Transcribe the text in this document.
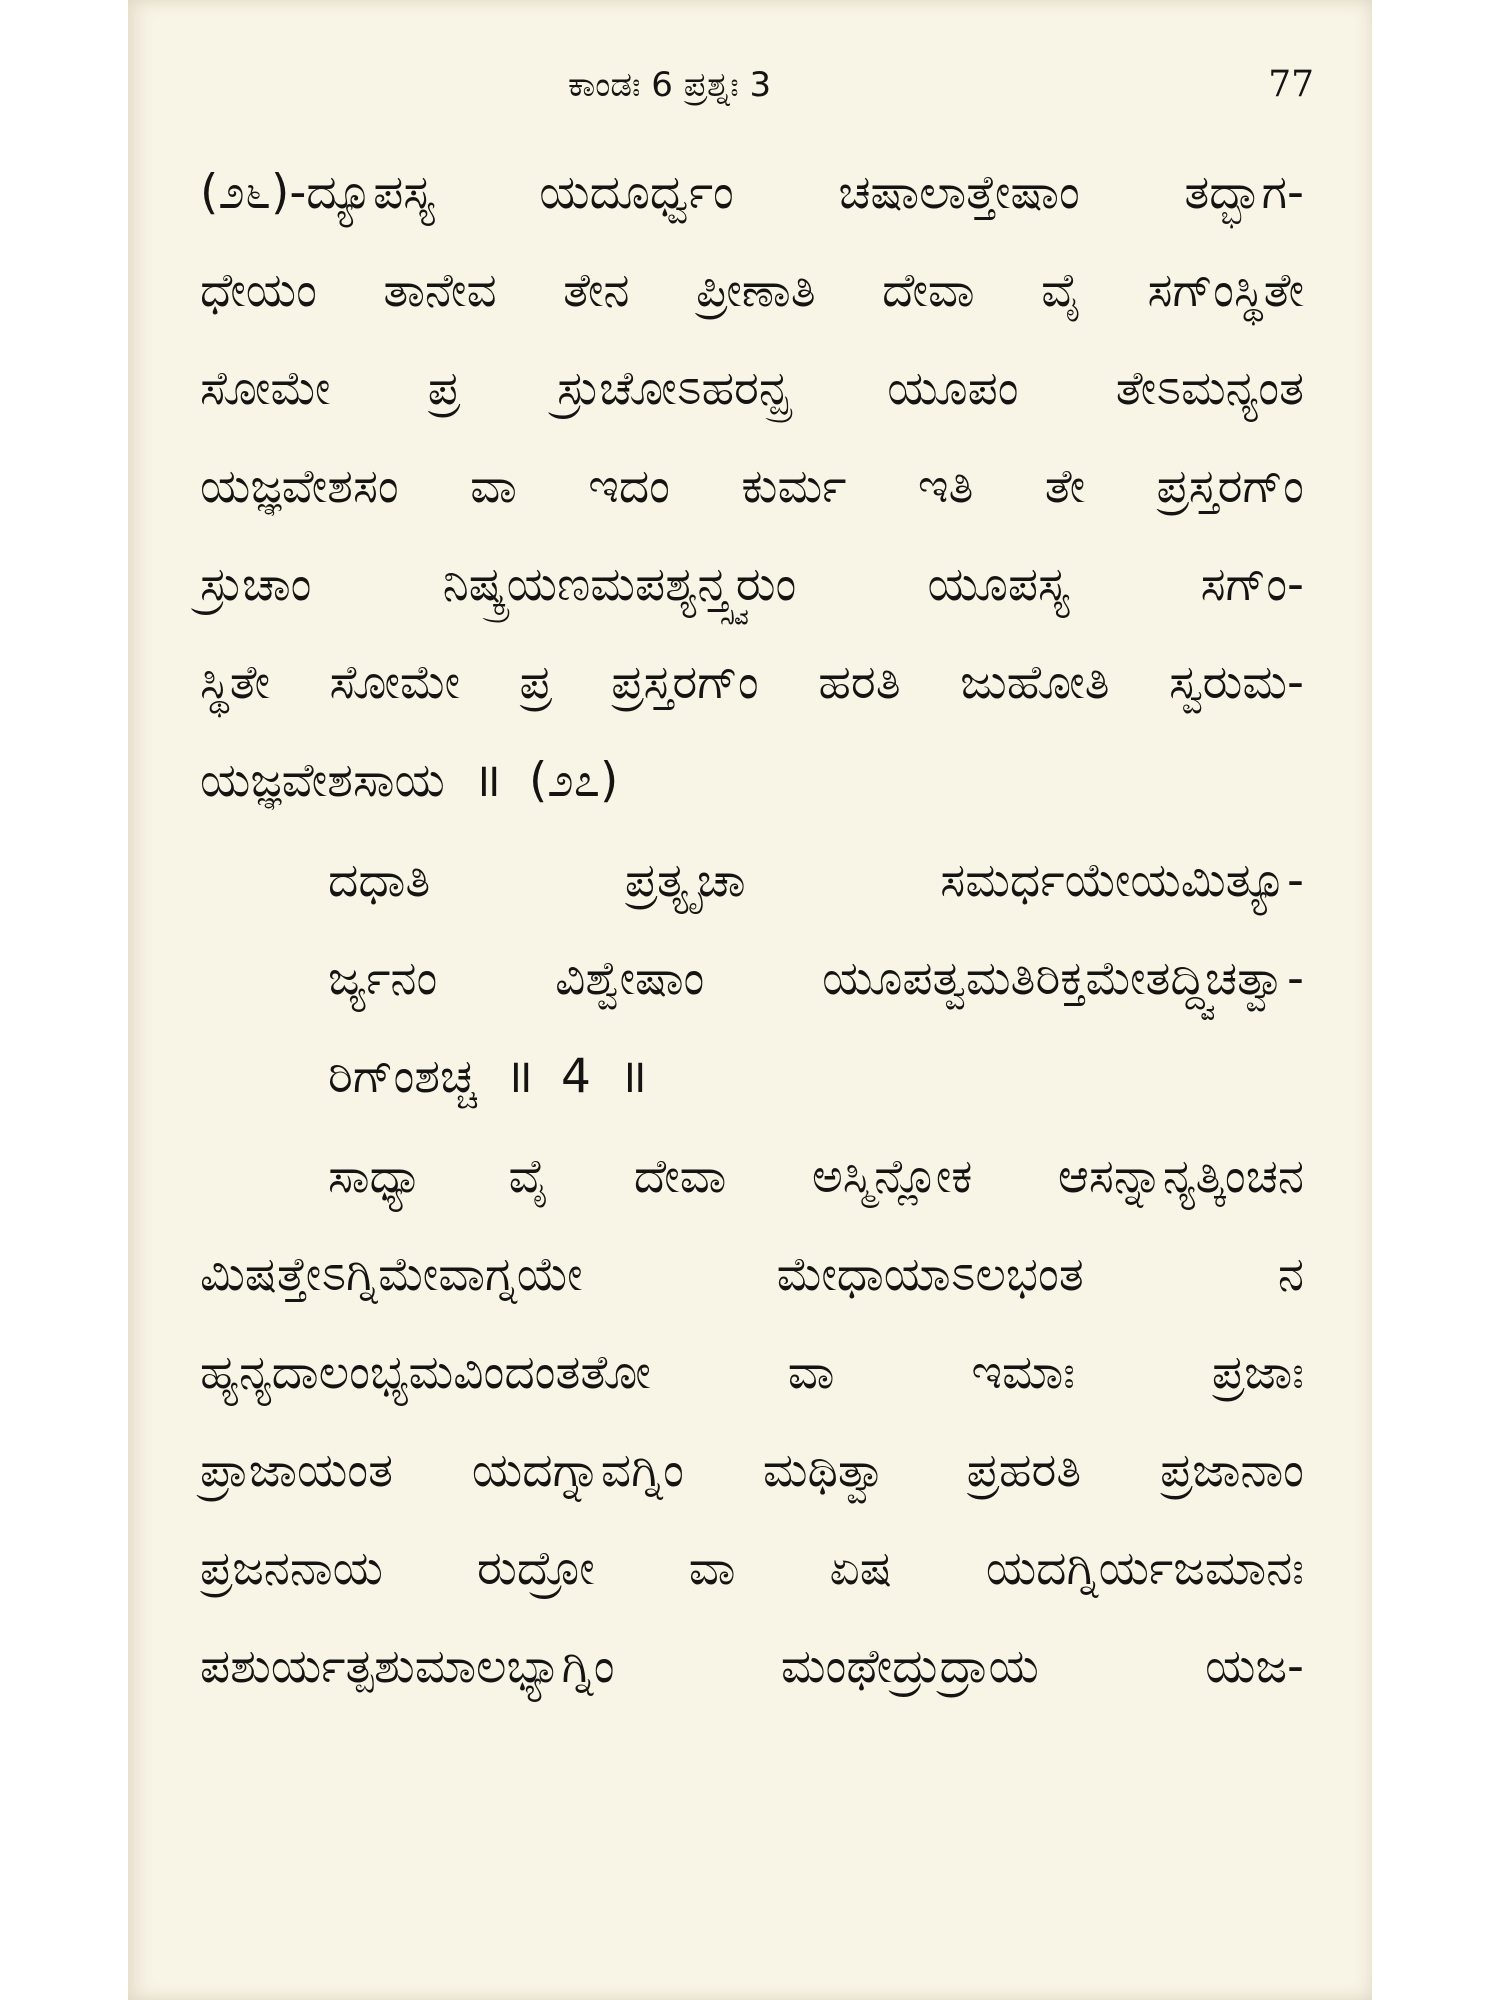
ಕಾಂಡಃ 6 ಪ್ರಶ್ನಃ 3	77
(೨೬)-ದ್ಯೂಪಸ್ಯ ಯದೂರ್ಧ್ವಂ ಚಷಾಲಾತ್ತೇಷಾಂ ತದ್ಭಾಗ-
ಧೇಯಂ ತಾನೇವ ತೇನ ಪ್ರೀಣಾತಿ ದೇವಾ ವೈ ಸಗ್ಂಸ್ಥಿತೇ
ಸೋಮೇ ಪ್ರ ಸ್ರುಚೋಽಹರನ್ಪ್ರ ಯೂಪಂ ತೇಽಮನ್ಯಂತ
ಯಜ್ಞವೇಶಸಂ ವಾ ಇದಂ ಕುರ್ಮ ಇತಿ ತೇ ಪ್ರಸ್ತರಗ್ಂ
ಸ್ರುಚಾಂ	ನಿಷ್ಕ್ರಯಣಮಪಶ್ಯನ್ತ್ಸ್ವರುಂ	ಯೂಪಸ್ಯ	ಸಗ್ಂ-
ಸ್ಥಿತೇ ಸೋಮೇ ಪ್ರ ಪ್ರಸ್ತರಗ್ಂ ಹರತಿ ಜುಹೋತಿ ಸ್ವರುಮ-
ಯಜ್ಞವೇಶಸಾಯ ॥ (೨೭)
ದಧಾತಿ	ಪ್ರತ್ಯೃಚಾ	ಸಮರ್ಧಯೇಯಮಿತ್ಯೂ-
ರ್ಜ್ಯನಂ	ವಿಶ್ವೇಷಾಂ	ಯೂಪತ್ವಮತಿರಿಕ್ತಮೇತದ್ದ್ವಿಚತ್ವಾ-
ರಿಗ್ಂಶಚ್ಚ ॥ 4 ॥
ಸಾಧ್ಯಾ ವೈ ದೇವಾ ಅಸ್ಮಿನ್ಲೋಕ ಆಸನ್ನಾನ್ಯತ್ಕಿಂಚನ
ಮಿಷತ್ತೇಽಗ್ನಿಮೇವಾಗ್ನಯೇ	ಮೇಧಾಯಾಽಲಭಂತ	ನ
ಹ್ಯನ್ಯದಾಲಂಭ್ಯಮವಿಂದಂತತೋ	ವಾ	ಇಮಾಃ	ಪ್ರಜಾಃ
ಪ್ರಾಜಾಯಂತ ಯದಗ್ನಾವಗ್ನಿಂ ಮಥಿತ್ವಾ ಪ್ರಹರತಿ ಪ್ರಜಾನಾಂ
ಪ್ರಜನನಾಯ ರುದ್ರೋ ವಾ ಏಷ ಯದಗ್ನಿರ್ಯಜಮಾನಃ
ಪಶುರ್ಯತ್ಪಶುಮಾಲಭ್ಯಾಗ್ನಿಂ	ಮಂಥೇದ್ರುದ್ರಾಯ	ಯಜ-
